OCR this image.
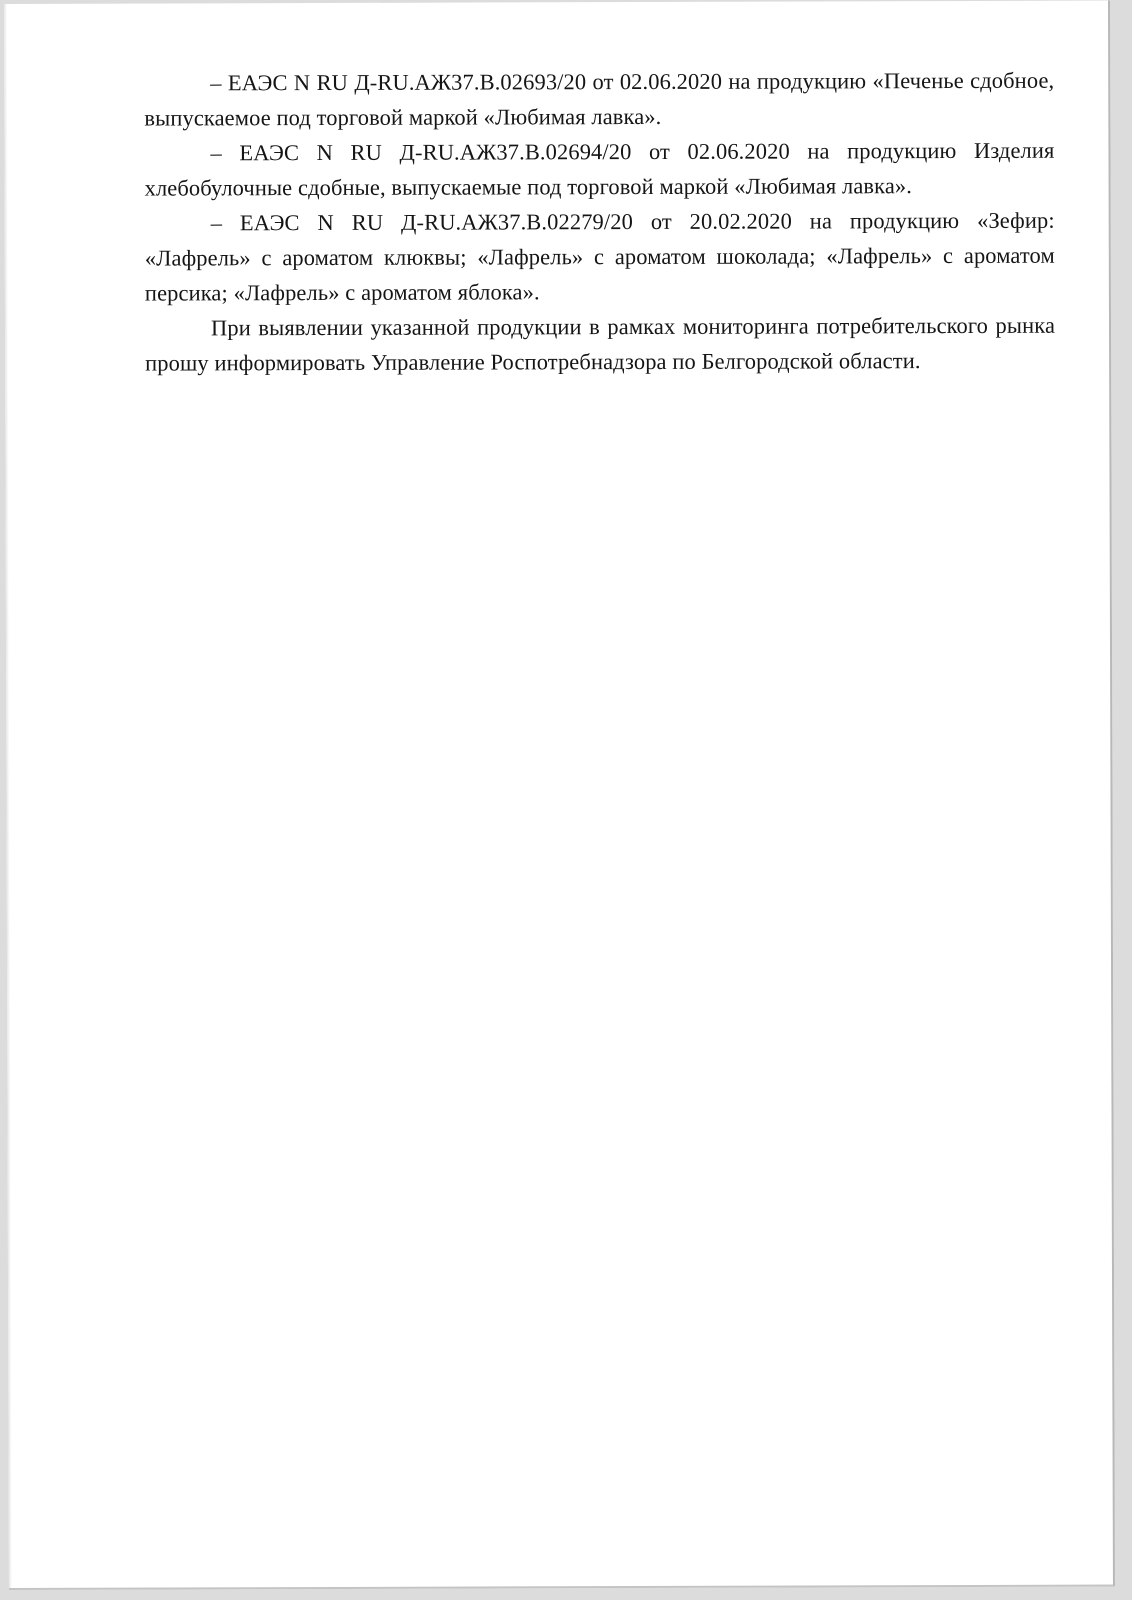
– ЕАЭС N RU Д-RU.АЖ37.В.02693/20 от 02.06.2020 на продукцию «Печенье сдобное, выпускаемое под торговой маркой «Любимая лавка».

– ЕАЭС N RU Д-RU.АЖ37.В.02694/20 от 02.06.2020 на продукцию Изделия хлебобулочные сдобные, выпускаемые под торговой маркой «Любимая лавка».

– ЕАЭС N RU Д-RU.АЖ37.В.02279/20 от 20.02.2020 на продукцию «Зефир: «Лафрель» с ароматом клюквы; «Лафрель» с ароматом шоколада; «Лафрель» с ароматом персика; «Лафрель» с ароматом яблока».

При выявлении указанной продукции в рамках мониторинга потребительского рынка прошу информировать Управление Роспотребнадзора по Белгородской области.
